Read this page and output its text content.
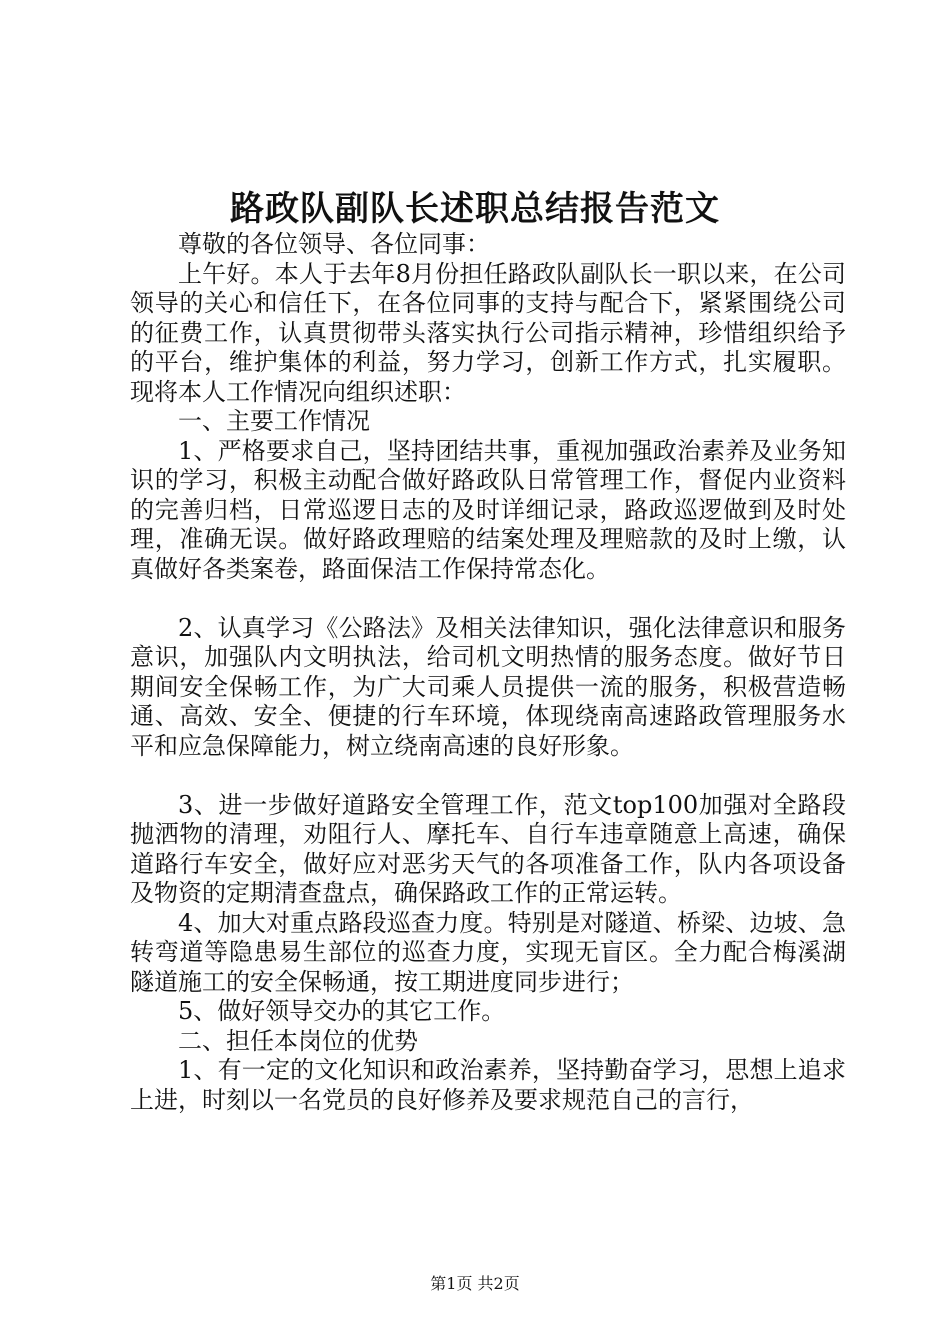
路政队副队长述职总结报告范文

尊敬的各位领导、各位同事：

上午好。本人于去年8月份担任路政队副队长一职以来，在公司领导的关心和信任下，在各位同事的支持与配合下，紧紧围绕公司的征费工作，认真贯彻带头落实执行公司指示精神，珍惜组织给予的平台，维护集体的利益，努力学习，创新工作方式，扎实履职。现将本人工作情况向组织述职：

一、主要工作情况

1、严格要求自己，坚持团结共事，重视加强政治素养及业务知识的学习，积极主动配合做好路政队日常管理工作，督促内业资料的完善归档，日常巡逻日志的及时详细记录，路政巡逻做到及时处理，准确无误。做好路政理赔的结案处理及理赔款的及时上缴，认真做好各类案卷，路面保洁工作保持常态化。

2、认真学习《公路法》及相关法律知识，强化法律意识和服务意识，加强队内文明执法，给司机文明热情的服务态度。做好节日期间安全保畅工作，为广大司乘人员提供一流的服务，积极营造畅通、高效、安全、便捷的行车环境，体现绕南高速路政管理服务水平和应急保障能力，树立绕南高速的良好形象。

3、进一步做好道路安全管理工作，范文top100加强对全路段抛洒物的清理，劝阻行人、摩托车、自行车违章随意上高速，确保道路行车安全，做好应对恶劣天气的各项准备工作，队内各项设备及物资的定期清查盘点，确保路政工作的正常运转。

4、加大对重点路段巡查力度。特别是对隧道、桥梁、边坡、急转弯道等隐患易生部位的巡查力度，实现无盲区。全力配合梅溪湖隧道施工的安全保畅通，按工期进度同步进行；

5、做好领导交办的其它工作。

二、担任本岗位的优势

1、有一定的文化知识和政治素养，坚持勤奋学习，思想上追求上进，时刻以一名党员的良好修养及要求规范自己的言行，

第1页 共2页
